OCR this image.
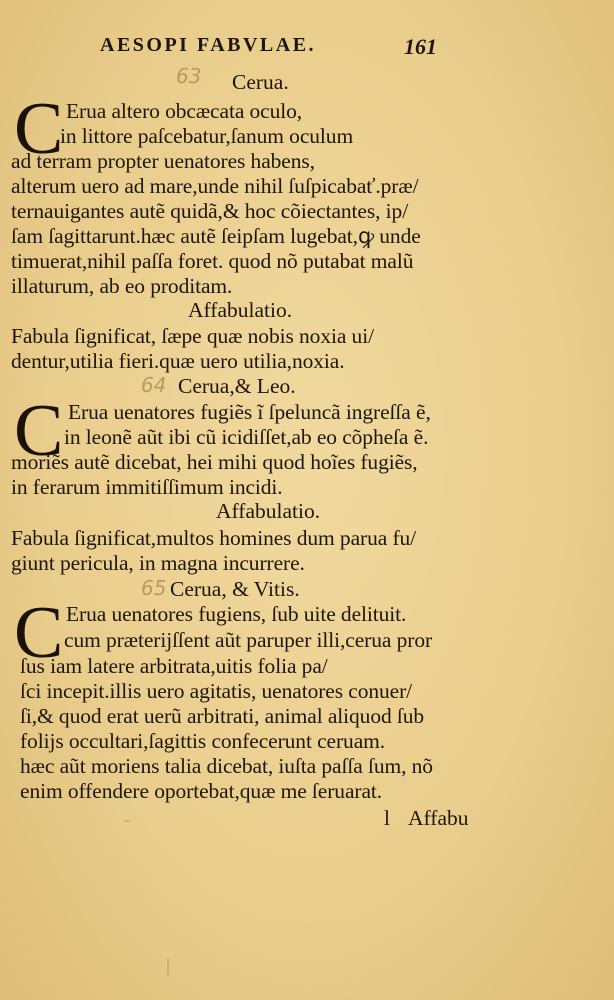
AESOPI FABVLAE.	161
63
64
65
Cerua.
C Erua altero obcæcata oculo,
in littore paſcebatur,ſanum oculum
ad terram propter uenatores habens,
alterum uero ad mare,unde nihil ſuſpicabať.præ/
ternauigantes autẽ quidã,& hoc cõiectantes, ip/
ſam ſagittarunt.hæc autẽ ſeipſam lugebat,ꝙ unde
timuerat,nihil paſſa foret. quod nõ putabat malũ
illaturum, ab eo proditam.
Affabulatio.
Fabula ſignificat, ſæpe quæ nobis noxia ui/
dentur,utilia fieri.quæ uero utilia,noxia.
Cerua,& Leo.
C Erua uenatores fugiẽs ĩ ſpeluncã ingreſſa ẽ,
in leonẽ aũt ibi cũ icidiſſet,ab eo cõpheſa ẽ.
moriẽs autẽ dicebat, hei mihi quod hoĩes fugiẽs,
in ferarum immitiſſimum incidi.
Affabulatio.
Fabula ſignificat,multos homines dum parua fu/
giunt pericula, in magna incurrere.
Cerua, & Vitis.
C Erua uenatores fugiens, ſub uite delituit.
cum præterijſſent aũt paruper illi,cerua pror
ſus iam latere arbitrata,uitis folia pa/
ſci incepit.illis uero agitatis, uenatores conuer/
ſi,& quod erat uerũ arbitrati, animal aliquod ſub
folijs occultari,ſagittis confecerunt ceruam.
hæc aũt moriens talia dicebat, iuſta paſſa ſum, nõ
enim offendere oportebat,quæ me ſeruarat.
l Affabu
